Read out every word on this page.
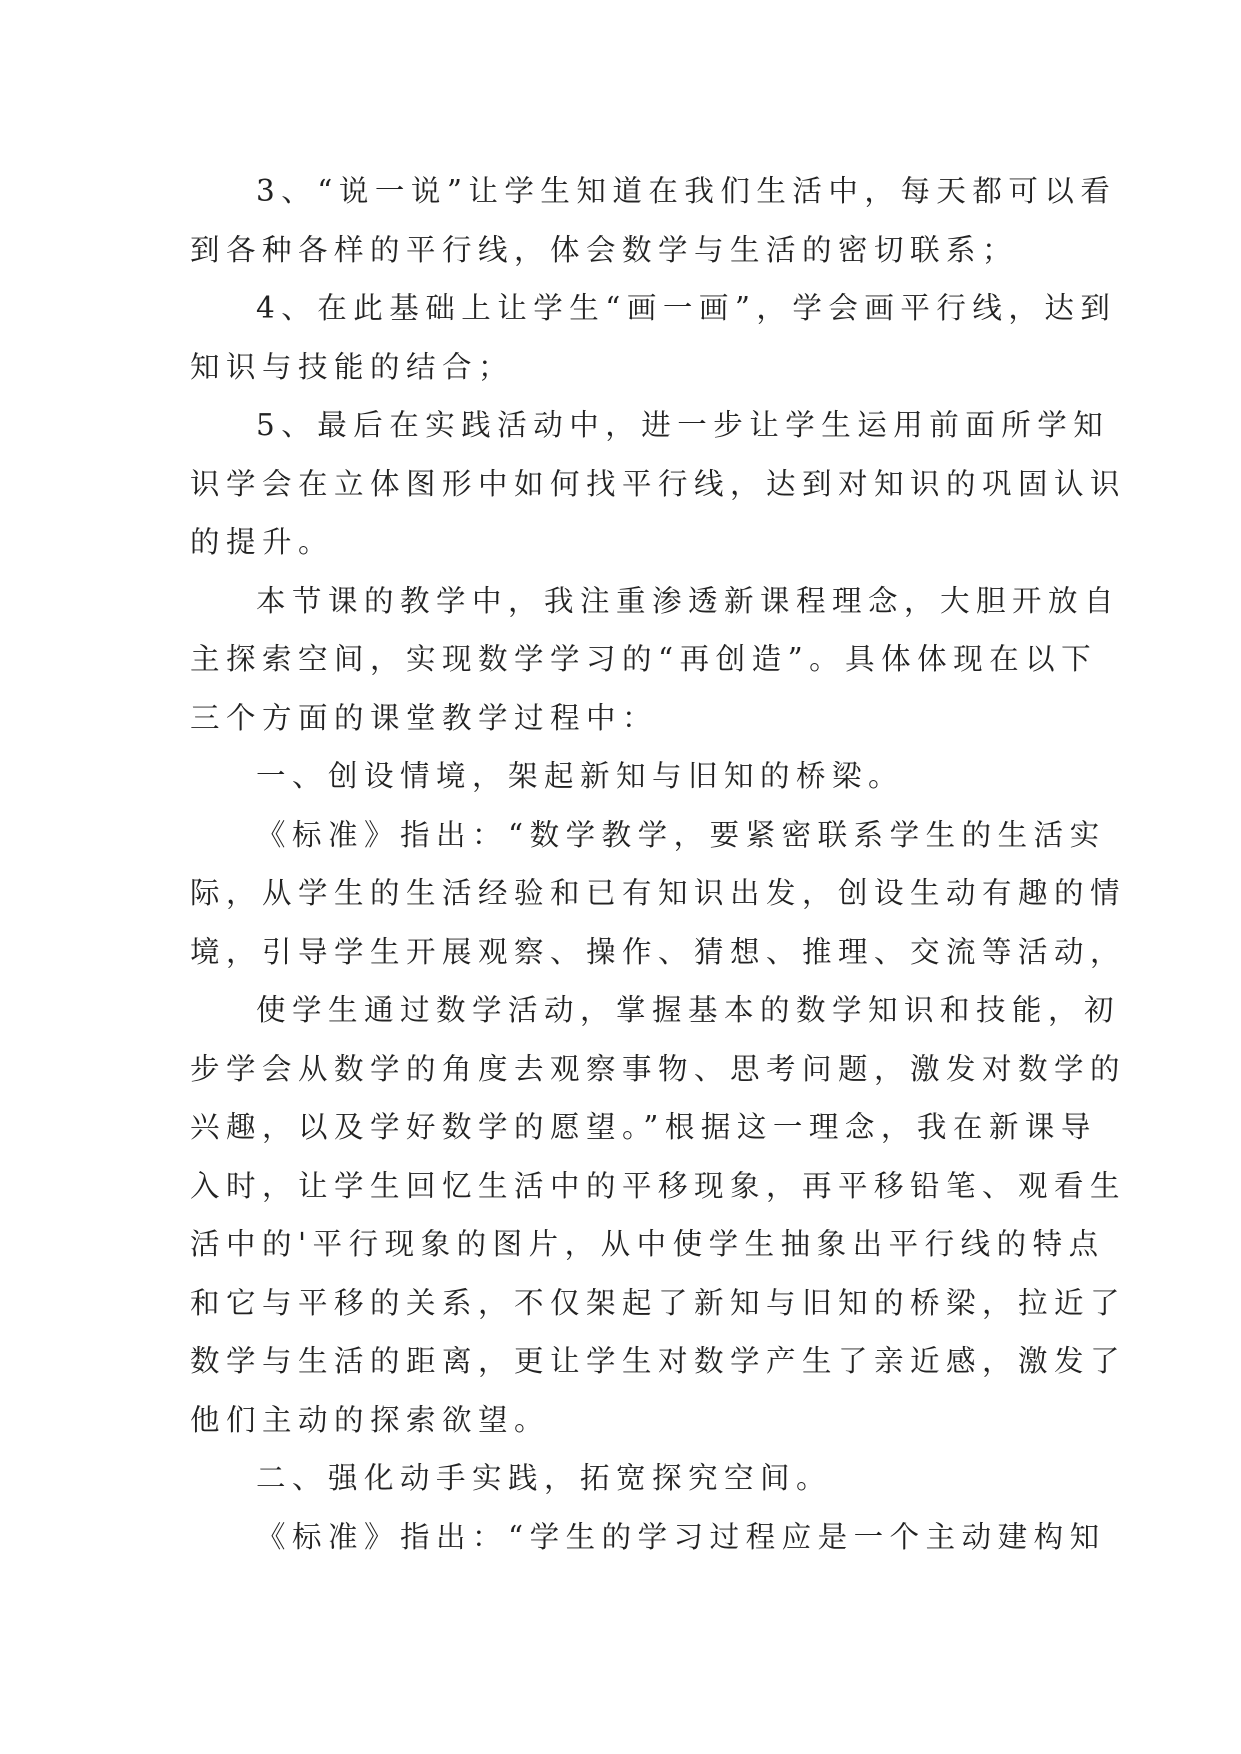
3、“说一说”让学生知道在我们生活中，每天都可以看
到各种各样的平行线，体会数学与生活的密切联系；
4、在此基础上让学生“画一画”，学会画平行线，达到
知识与技能的结合；
5、最后在实践活动中，进一步让学生运用前面所学知
识学会在立体图形中如何找平行线，达到对知识的巩固认识
的提升。
本节课的教学中，我注重渗透新课程理念，大胆开放自
主探索空间，实现数学学习的“再创造”。具体体现在以下
三个方面的课堂教学过程中：
一、创设情境，架起新知与旧知的桥梁。
《标准》指出：“数学教学，要紧密联系学生的生活实
际，从学生的生活经验和已有知识出发，创设生动有趣的情
境，引导学生开展观察、操作、猜想、推理、交流等活动，
使学生通过数学活动，掌握基本的数学知识和技能，初
步学会从数学的角度去观察事物、思考问题，激发对数学的
兴趣，以及学好数学的愿望。”根据这一理念，我在新课导
入时，让学生回忆生活中的平移现象，再平移铅笔、观看生
活中的'平行现象的图片，从中使学生抽象出平行线的特点
和它与平移的关系，不仅架起了新知与旧知的桥梁，拉近了
数学与生活的距离，更让学生对数学产生了亲近感，激发了
他们主动的探索欲望。
二、强化动手实践，拓宽探究空间。
《标准》指出：“学生的学习过程应是一个主动建构知
